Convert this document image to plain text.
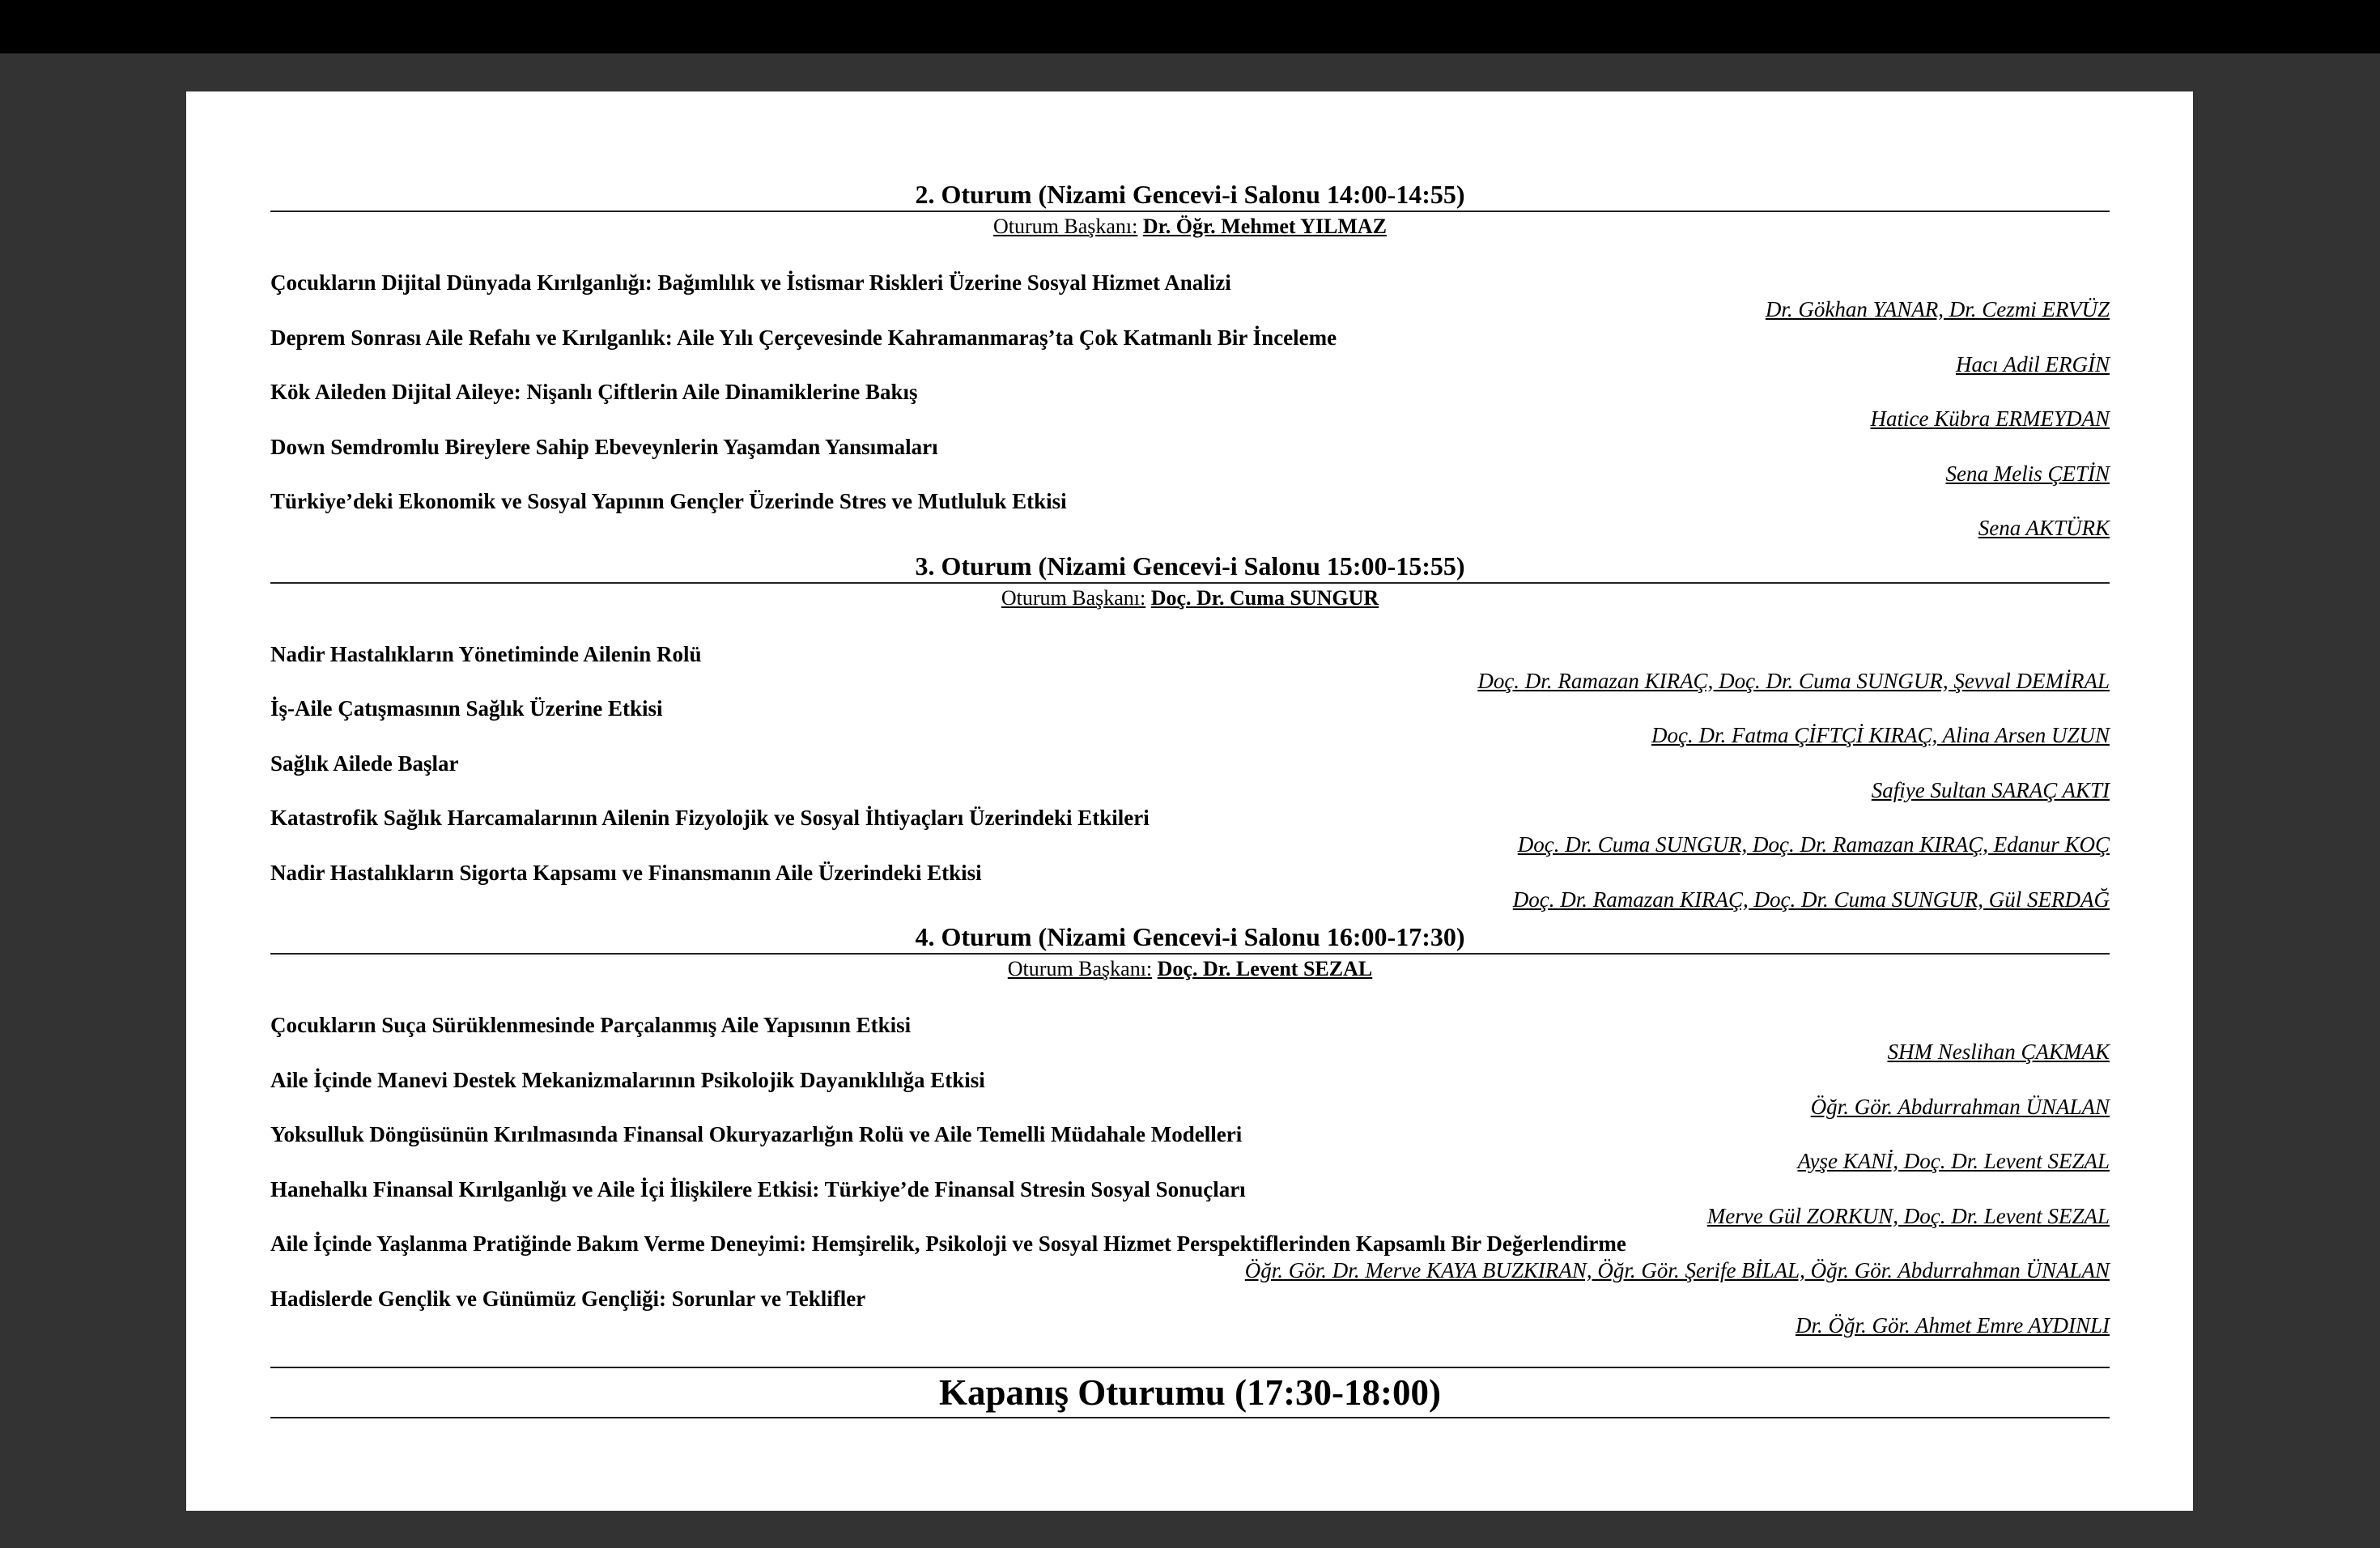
2. Oturum (Nizami Gencevi-i Salonu 14:00-14:55)
Oturum Başkanı: Dr. Öğr. Mehmet YILMAZ
Çocukların Dijital Dünyada Kırılganlığı: Bağımlılık ve İstismar Riskleri Üzerine Sosyal Hizmet Analizi
Dr. Gökhan YANAR, Dr. Cezmi ERVÜZ
Deprem Sonrası Aile Refahı ve Kırılganlık: Aile Yılı Çerçevesinde Kahramanmaraş’ta Çok Katmanlı Bir İnceleme
Hacı Adil ERGİN
Kök Aileden Dijital Aileye: Nişanlı Çiftlerin Aile Dinamiklerine Bakış
Hatice Kübra ERMEYDAN
Down Semdromlu Bireylere Sahip Ebeveynlerin Yaşamdan Yansımaları
Sena Melis ÇETİN
Türkiye’deki Ekonomik ve Sosyal Yapının Gençler Üzerinde Stres ve Mutluluk Etkisi
Sena AKTÜRK
3. Oturum (Nizami Gencevi-i Salonu 15:00-15:55)
Oturum Başkanı: Doç. Dr. Cuma SUNGUR
Nadir Hastalıkların Yönetiminde Ailenin Rolü
Doç. Dr. Ramazan KIRAÇ, Doç. Dr. Cuma SUNGUR, Şevval DEMİRAL
İş-Aile Çatışmasının Sağlık Üzerine Etkisi
Doç. Dr. Fatma ÇİFTÇİ KIRAÇ, Alina Arsen UZUN
Sağlık Ailede Başlar
Safiye Sultan SARAÇ AKTI
Katastrofik Sağlık Harcamalarının Ailenin Fizyolojik ve Sosyal İhtiyaçları Üzerindeki Etkileri
Doç. Dr. Cuma SUNGUR, Doç. Dr. Ramazan KIRAÇ, Edanur KOÇ
Nadir Hastalıkların Sigorta Kapsamı ve Finansmanın Aile Üzerindeki Etkisi
Doç. Dr. Ramazan KIRAÇ, Doç. Dr. Cuma SUNGUR, Gül SERDAĞ
4. Oturum (Nizami Gencevi-i Salonu 16:00-17:30)
Oturum Başkanı: Doç. Dr. Levent SEZAL
Çocukların Suça Sürüklenmesinde Parçalanmış Aile Yapısının Etkisi
SHM Neslihan ÇAKMAK
Aile İçinde Manevi Destek Mekanizmalarının Psikolojik Dayanıklılığa Etkisi
Öğr. Gör. Abdurrahman ÜNALAN
Yoksulluk Döngüsünün Kırılmasında Finansal Okuryazarlığın Rolü ve Aile Temelli Müdahale Modelleri
Ayşe KANİ, Doç. Dr. Levent SEZAL
Hanehalkı Finansal Kırılganlığı ve Aile İçi İlişkilere Etkisi: Türkiye’de Finansal Stresin Sosyal Sonuçları
Merve Gül ZORKUN, Doç. Dr. Levent SEZAL
Aile İçinde Yaşlanma Pratiğinde Bakım Verme Deneyimi: Hemşirelik, Psikoloji ve Sosyal Hizmet Perspektiflerinden Kapsamlı Bir Değerlendirme
Öğr. Gör. Dr. Merve KAYA BUZKIRAN, Öğr. Gör. Şerife BİLAL, Öğr. Gör. Abdurrahman ÜNALAN
Hadislerde Gençlik ve Günümüz Gençliği: Sorunlar ve Teklifler
Dr. Öğr. Gör. Ahmet Emre AYDINLI
Kapanış Oturumu (17:30-18:00)
